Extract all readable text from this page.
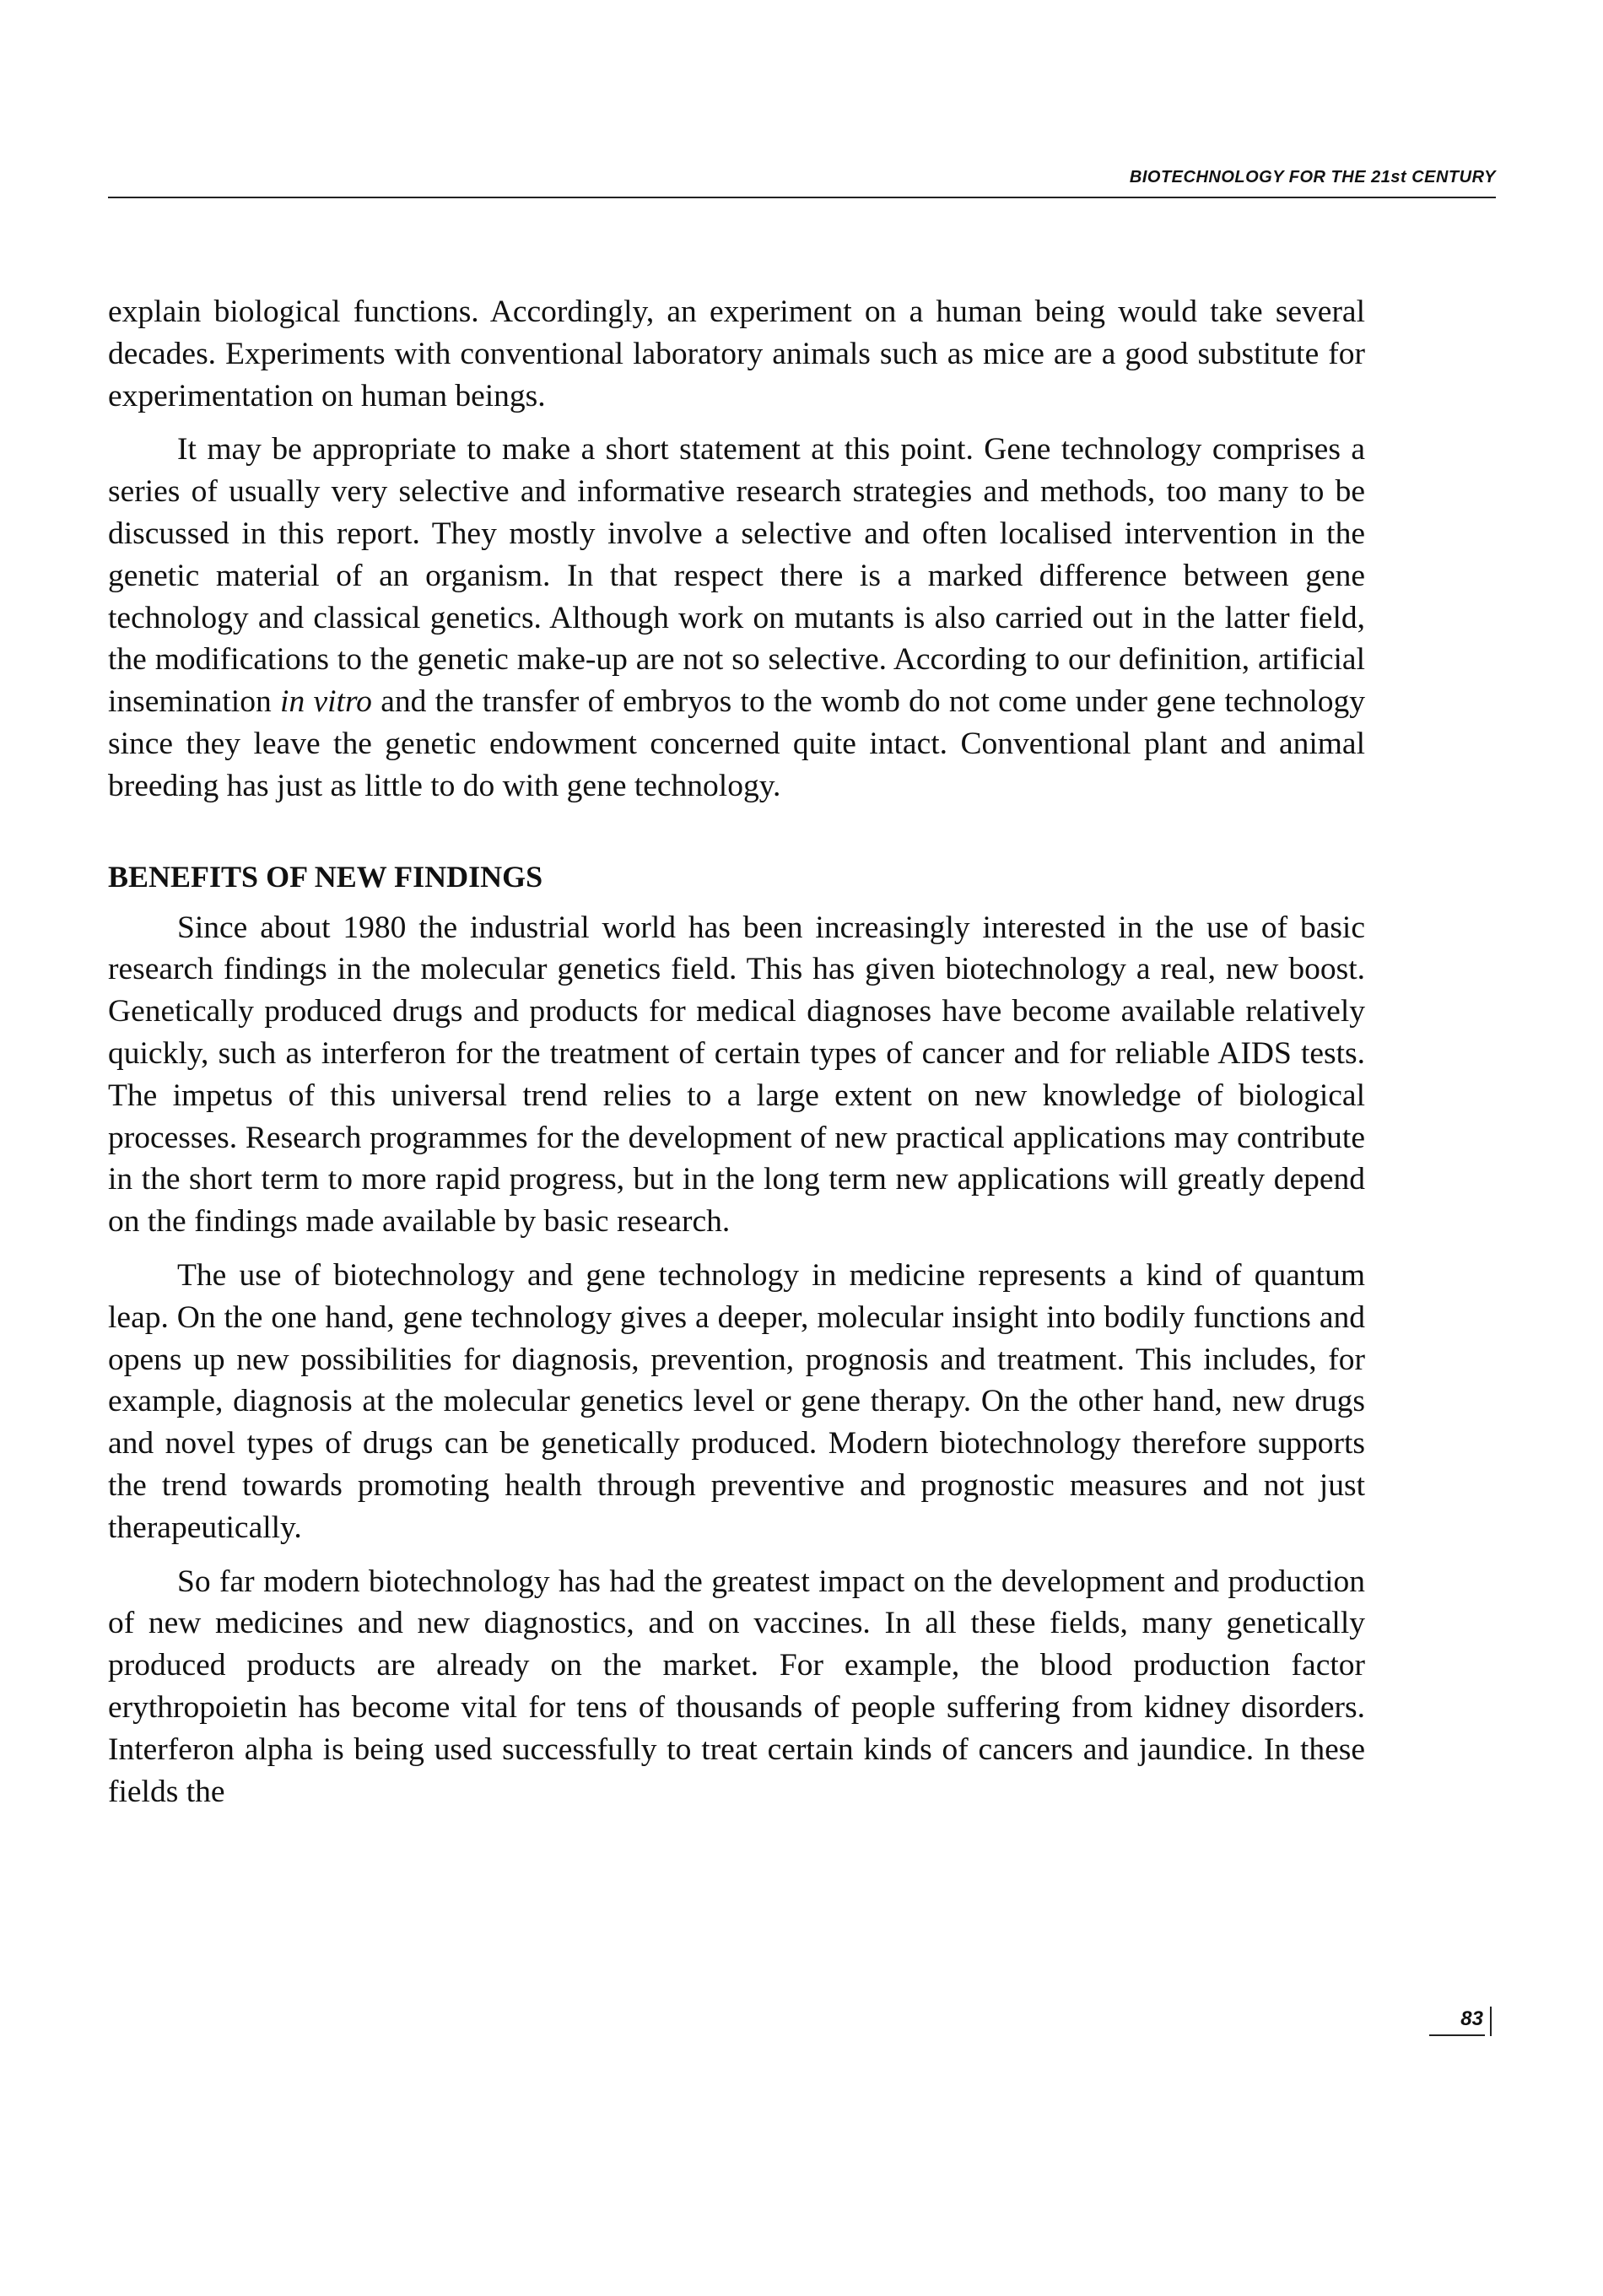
BIOTECHNOLOGY FOR THE 21st CENTURY

explain biological functions. Accordingly, an experiment on a human being would take several decades. Experiments with conventional laboratory animals such as mice are a good substitute for experimentation on human beings.

It may be appropriate to make a short statement at this point. Gene technology comprises a series of usually very selective and informative research strategies and methods, too many to be discussed in this report. They mostly involve a selective and often localised intervention in the genetic material of an organism. In that respect there is a marked difference between gene technology and classical genetics. Although work on mutants is also carried out in the latter field, the modifications to the genetic make-up are not so selective. According to our definition, artificial insemination in vitro and the transfer of embryos to the womb do not come under gene technology since they leave the genetic endowment concerned quite intact. Conventional plant and animal breeding has just as little to do with gene technology.

BENEFITS OF NEW FINDINGS

Since about 1980 the industrial world has been increasingly interested in the use of basic research findings in the molecular genetics field. This has given biotechnology a real, new boost. Genetically produced drugs and products for medical diagnoses have become available relatively quickly, such as interferon for the treatment of certain types of cancer and for reliable AIDS tests. The impetus of this universal trend relies to a large extent on new knowledge of biological processes. Research programmes for the development of new practical applications may contribute in the short term to more rapid progress, but in the long term new applications will greatly depend on the findings made available by basic research.

The use of biotechnology and gene technology in medicine represents a kind of quantum leap. On the one hand, gene technology gives a deeper, molecular insight into bodily functions and opens up new possibilities for diagnosis, prevention, prognosis and treatment. This includes, for example, diagnosis at the molecular genetics level or gene therapy. On the other hand, new drugs and novel types of drugs can be genetically produced. Modern biotechnology therefore supports the trend towards promoting health through preventive and prognostic measures and not just therapeutically.

So far modern biotechnology has had the greatest impact on the development and production of new medicines and new diagnostics, and on vaccines. In all these fields, many genetically produced products are already on the market. For example, the blood production factor erythropoietin has become vital for tens of thousands of people suffering from kidney disorders. Interferon alpha is being used successfully to treat certain kinds of cancers and jaundice. In these fields the

83
